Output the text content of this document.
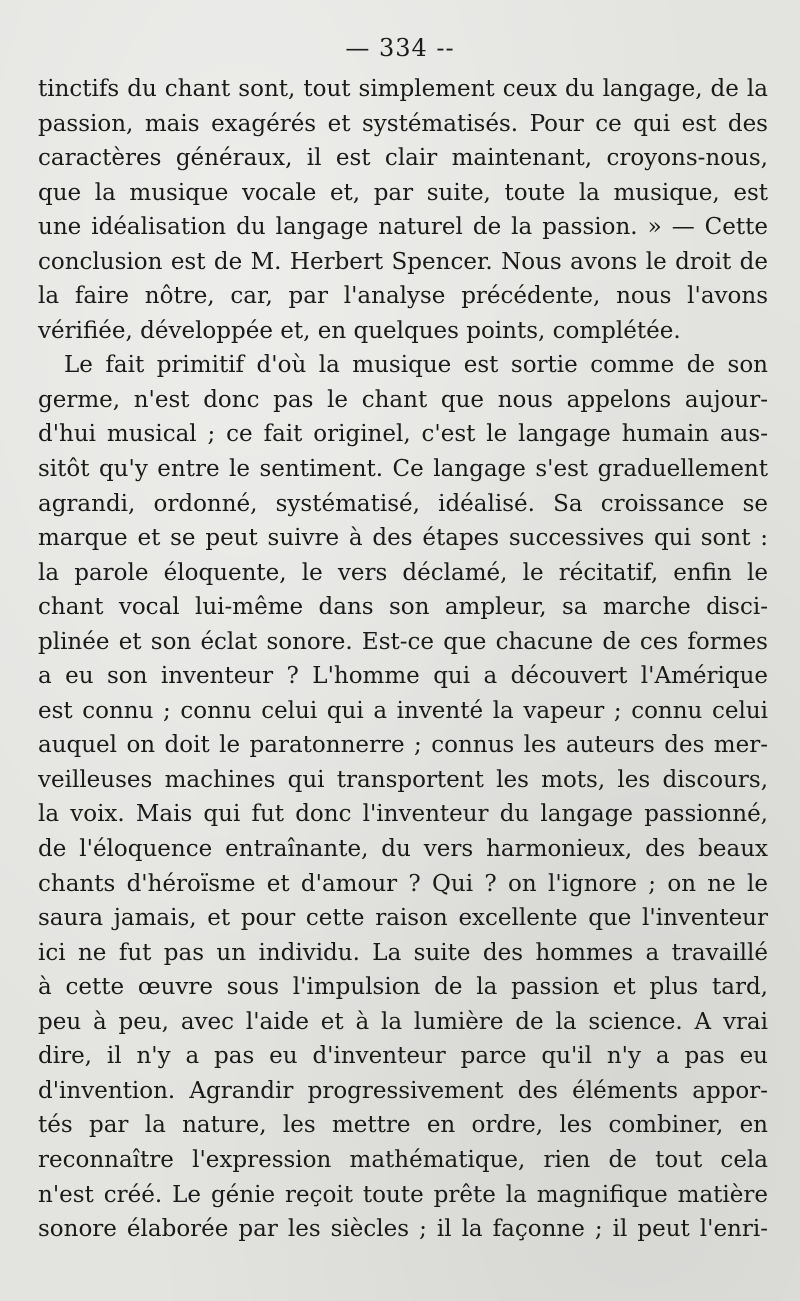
— 334 --
tinctifs du chant sont, tout simplement ceux du langage, de la
passion, mais exagérés et systématisés. Pour ce qui est des
caractères généraux, il est clair maintenant, croyons-nous,
que la musique vocale et, par suite, toute la musique, est
une idéalisation du langage naturel de la passion. » — Cette
conclusion est de M. Herbert Spencer. Nous avons le droit de
la faire nôtre, car, par l'analyse précédente, nous l'avons
vérifiée, développée et, en quelques points, complétée.
Le fait primitif d'où la musique est sortie comme de son
germe, n'est donc pas le chant que nous appelons aujour-
d'hui musical ; ce fait originel, c'est le langage humain aus-
sitôt qu'y entre le sentiment. Ce langage s'est graduellement
agrandi, ordonné, systématisé, idéalisé. Sa croissance se
marque et se peut suivre à des étapes successives qui sont :
la parole éloquente, le vers déclamé, le récitatif, enfin le
chant vocal lui-même dans son ampleur, sa marche disci-
plinée et son éclat sonore. Est-ce que chacune de ces formes
a eu son inventeur ? L'homme qui a découvert l'Amérique
est connu ; connu celui qui a inventé la vapeur ; connu celui
auquel on doit le paratonnerre ; connus les auteurs des mer-
veilleuses machines qui transportent les mots, les discours,
la voix. Mais qui fut donc l'inventeur du langage passionné,
de l'éloquence entraînante, du vers harmonieux, des beaux
chants d'héroïsme et d'amour ? Qui ? on l'ignore ; on ne le
saura jamais, et pour cette raison excellente que l'inventeur
ici ne fut pas un individu. La suite des hommes a travaillé
à cette œuvre sous l'impulsion de la passion et plus tard,
peu à peu, avec l'aide et à la lumière de la science. A vrai
dire, il n'y a pas eu d'inventeur parce qu'il n'y a pas eu
d'invention. Agrandir progressivement des éléments appor-
tés par la nature, les mettre en ordre, les combiner, en
reconnaître l'expression mathématique, rien de tout cela
n'est créé. Le génie reçoit toute prête la magnifique matière
sonore élaborée par les siècles ; il la façonne ; il peut l'enri-
